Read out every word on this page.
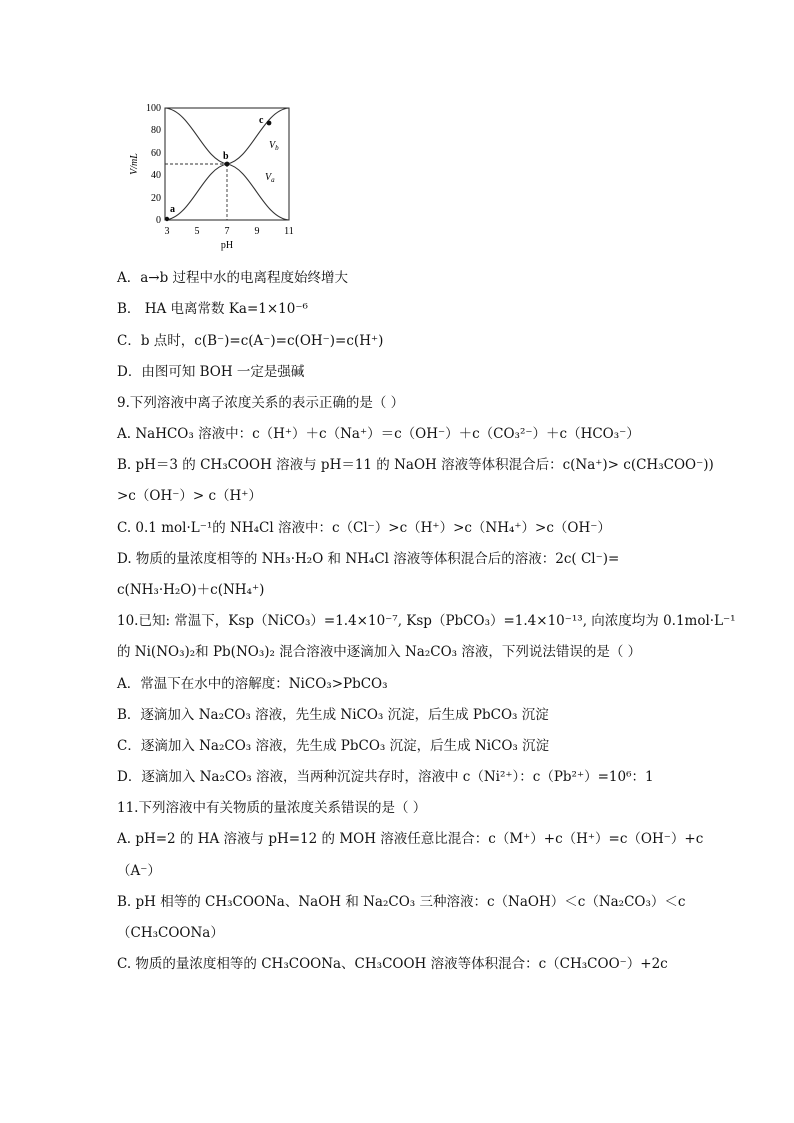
a
b
c
$V_b$
$V_a$
0
20
40
60
80
100
3	5	7	9 11
pH
V/mL
A．a→b 过程中水的电离程度始终增大
B． HA 电离常数 Ka=1×10⁻⁶
C．b 点时，c(B⁻)=c(A⁻)=c(OH⁻)=c(H⁺)
D．由图可知 BOH 一定是强碱
9.下列溶液中离子浓度关系的表示正确的是（ ）
A. NaHCO₃ 溶液中：c（H⁺）＋c（Na⁺）＝c（OH⁻）＋c（CO₃²⁻）＋c（HCO₃⁻）
B. pH＝3 的 CH₃COOH 溶液与 pH＝11 的 NaOH 溶液等体积混合后：c(Na⁺)> c(CH₃COO⁻))
>c（OH⁻）> c（H⁺）
C. 0.1 mol·L⁻¹的 NH₄Cl 溶液中：c（Cl⁻）>c（H⁺）>c（NH₄⁺）>c（OH⁻）
D. 物质的量浓度相等的 NH₃·H₂O 和 NH₄Cl 溶液等体积混合后的溶液：2c( Cl⁻)=
c(NH₃·H₂O)＋c(NH₄⁺)
10.已知: 常温下，Ksp（NiCO₃）=1.4×10⁻⁷, Ksp（PbCO₃）=1.4×10⁻¹³, 向浓度均为 0.1mol·L⁻¹
的 Ni(NO₃)₂和 Pb(NO₃)₂ 混合溶液中逐滴加入 Na₂CO₃ 溶液，下列说法错误的是（ ）
A．常温下在水中的溶解度：NiCO₃>PbCO₃
B．逐滴加入 Na₂CO₃ 溶液，先生成 NiCO₃ 沉淀，后生成 PbCO₃ 沉淀
C．逐滴加入 Na₂CO₃ 溶液，先生成 PbCO₃ 沉淀，后生成 NiCO₃ 沉淀
D．逐滴加入 Na₂CO₃ 溶液，当两种沉淀共存时，溶液中 c（Ni²⁺）：c（Pb²⁺）=10⁶：1
11.下列溶液中有关物质的量浓度关系错误的是（ ）
A. pH=2 的 HA 溶液与 pH=12 的 MOH 溶液任意比混合：c（M⁺）+c（H⁺）=c（OH⁻）+c
（A⁻）
B. pH 相等的 CH₃COONa、NaOH 和 Na₂CO₃ 三种溶液：c（NaOH）＜c（Na₂CO₃）＜c
（CH₃COONa）
C. 物质的量浓度相等的 CH₃COONa、CH₃COOH 溶液等体积混合：c（CH₃COO⁻）+2c
